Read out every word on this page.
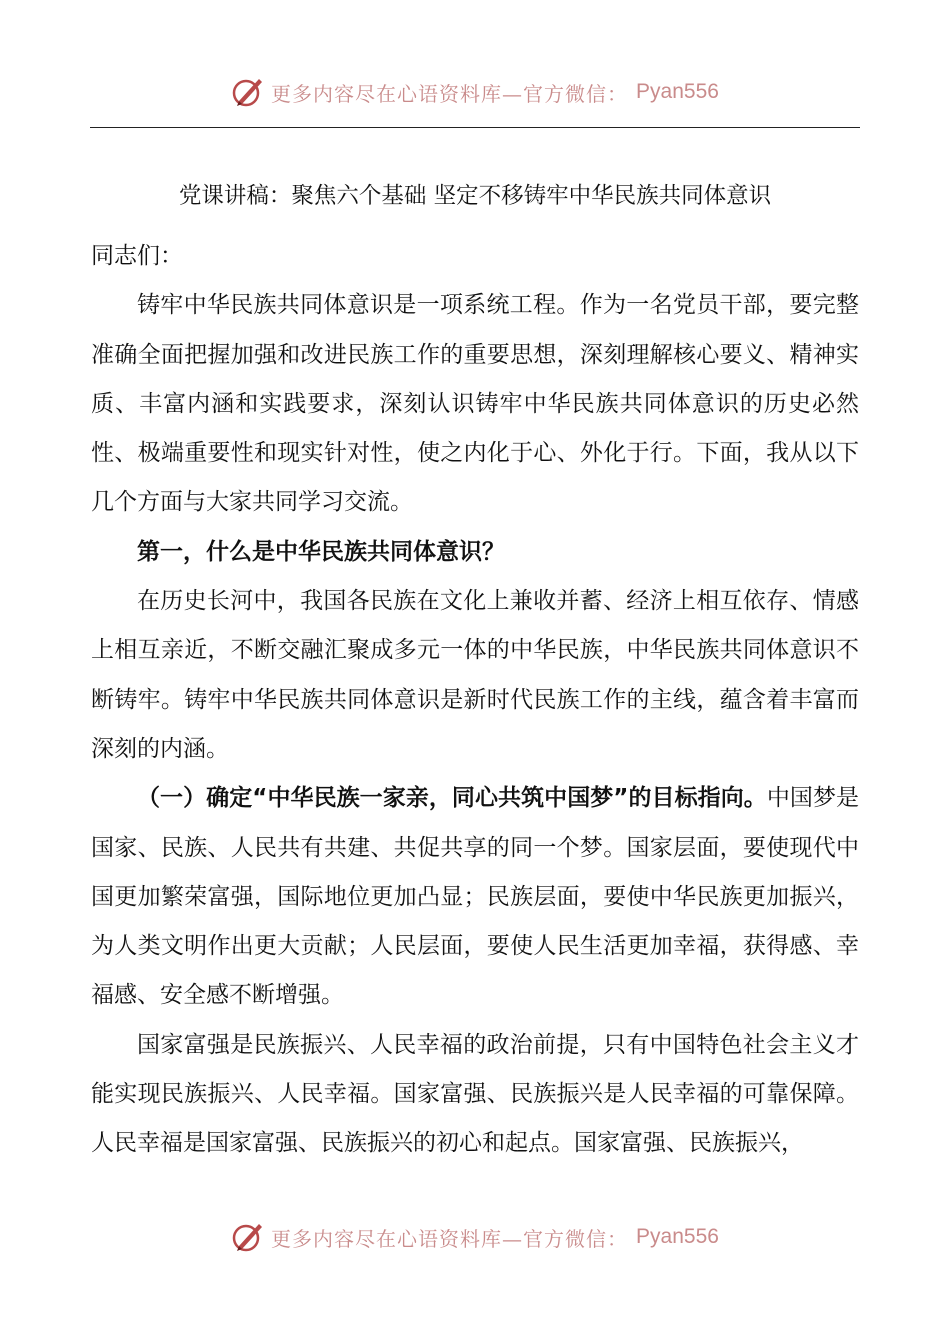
更多内容尽在心语资料库—官方微信： Pyan556
党课讲稿：聚焦六个基础 坚定不移铸牢中华民族共同体意识

同志们：

铸牢中华民族共同体意识是一项系统工程。作为一名党员干部，要完整准确全面把握加强和改进民族工作的重要思想，深刻理解核心要义、精神实质、丰富内涵和实践要求，深刻认识铸牢中华民族共同体意识的历史必然性、极端重要性和现实针对性，使之内化于心、外化于行。下面，我从以下几个方面与大家共同学习交流。

第一，什么是中华民族共同体意识？

在历史长河中，我国各民族在文化上兼收并蓄、经济上相互依存、情感上相互亲近，不断交融汇聚成多元一体的中华民族，中华民族共同体意识不断铸牢。铸牢中华民族共同体意识是新时代民族工作的主线，蕴含着丰富而深刻的内涵。

（一）确定“中华民族一家亲，同心共筑中国梦”的目标指向。中国梦是国家、民族、人民共有共建、共促共享的同一个梦。国家层面，要使现代中国更加繁荣富强，国际地位更加凸显；民族层面，要使中华民族更加振兴，为人类文明作出更大贡献；人民层面，要使人民生活更加幸福，获得感、幸福感、安全感不断增强。

国家富强是民族振兴、人民幸福的政治前提，只有中国特色社会主义才能实现民族振兴、人民幸福。国家富强、民族振兴是人民幸福的可靠保障。人民幸福是国家富强、民族振兴的初心和起点。国家富强、民族振兴，

更多内容尽在心语资料库—官方微信： Pyan556
